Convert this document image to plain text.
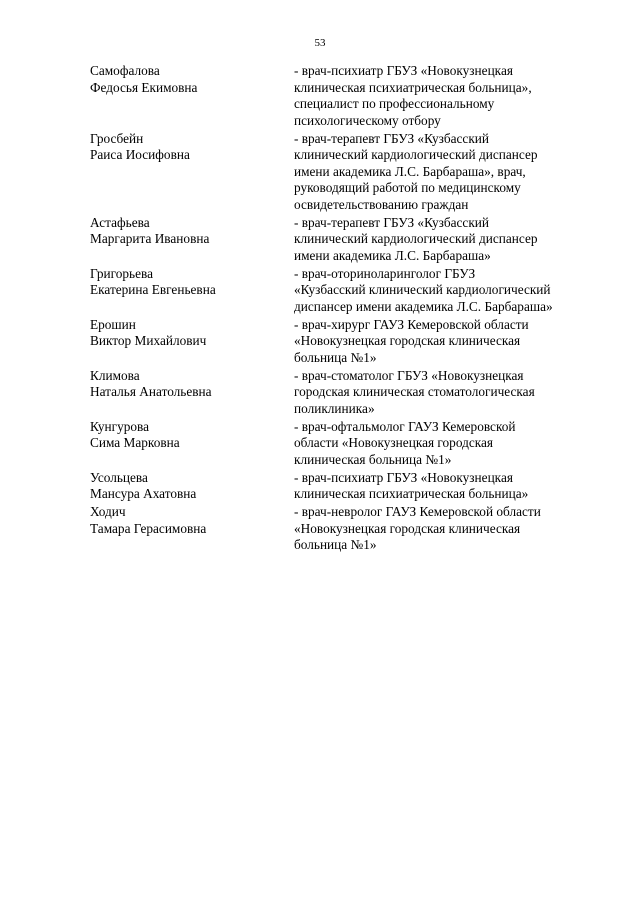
53
Самофалова
Федосья Екимовна
- врач-психиатр ГБУЗ «Новокузнецкая
клиническая психиатрическая больница»,
специалист по профессиональному
психологическому отбору
Гросбейн
Раиса Иосифовна
- врач-терапевт ГБУЗ «Кузбасский
клинический кардиологический диспансер
имени академика Л.С. Барбараша», врач,
руководящий работой по медицинскому
освидетельствованию граждан
Астафьева
Маргарита Ивановна
- врач-терапевт ГБУЗ «Кузбасский
клинический кардиологический диспансер
имени академика Л.С. Барбараша»
Григорьева
Екатерина Евгеньевна
- врач-оториноларинголог ГБУЗ
«Кузбасский клинический кардиологический
диспансер имени академика Л.С. Барбараша»
Ерошин
Виктор Михайлович
- врач-хирург ГАУЗ Кемеровской области
«Новокузнецкая городская клиническая
больница №1»
Климова
Наталья Анатольевна
- врач-стоматолог ГБУЗ «Новокузнецкая
городская клиническая стоматологическая
поликлиника»
Кунгурова
Сима Марковна
- врач-офтальмолог ГАУЗ Кемеровской
области «Новокузнецкая городская
клиническая больница №1»
Усольцева
Мансура Ахатовна
- врач-психиатр ГБУЗ «Новокузнецкая
клиническая психиатрическая больница»
Ходич
Тамара Герасимовна
- врач-невролог ГАУЗ Кемеровской области
«Новокузнецкая городская клиническая
больница №1»
